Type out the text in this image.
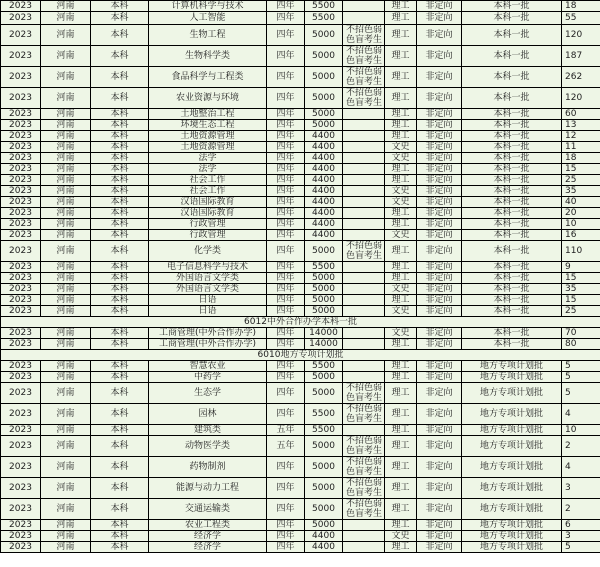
2023	河南	本科	计算机科学与技术	四年	5500		理工	非定向	本科一批	18
2023	河南	本科	人工智能	四年	5500		理工	非定向	本科一批	55
2023	河南	本科	生物工程	四年	5000	不招色弱色盲考生	理工	非定向	本科一批	120
2023	河南	本科	生物科学类	四年	5000	不招色弱色盲考生	理工	非定向	本科一批	187
2023	河南	本科	食品科学与工程类	四年	5000	不招色弱色盲考生	理工	非定向	本科一批	262
2023	河南	本科	农业资源与环境	四年	5000	不招色弱色盲考生	理工	非定向	本科一批	120
2023	河南	本科	土地整治工程	四年	5000		理工	非定向	本科一批	60
2023	河南	本科	环境生态工程	四年	5000		理工	非定向	本科一批	13
2023	河南	本科	土地资源管理	四年	4400		理工	非定向	本科一批	12
2023	河南	本科	土地资源管理	四年	4400		文史	非定向	本科一批	11
2023	河南	本科	法学	四年	4400		文史	非定向	本科一批	18
2023	河南	本科	法学	四年	4400		理工	非定向	本科一批	15
2023	河南	本科	社会工作	四年	4400		理工	非定向	本科一批	25
2023	河南	本科	社会工作	四年	4400		文史	非定向	本科一批	35
2023	河南	本科	汉语国际教育	四年	4400		文史	非定向	本科一批	40
2023	河南	本科	汉语国际教育	四年	4400		理工	非定向	本科一批	20
2023	河南	本科	行政管理	四年	4400		理工	非定向	本科一批	10
2023	河南	本科	行政管理	四年	4400		文史	非定向	本科一批	16
2023	河南	本科	化学类	四年	5000	不招色弱色盲考生	理工	非定向	本科一批	110
2023	河南	本科	电子信息科学与技术	四年	5500		理工	非定向	本科一批	9
2023	河南	本科	外国语言文学类	四年	5000		理工	非定向	本科一批	15
2023	河南	本科	外国语言文学类	四年	5000		文史	非定向	本科一批	35
2023	河南	本科	日语	四年	5000		理工	非定向	本科一批	15
2023	河南	本科	日语	四年	5000		文史	非定向	本科一批	25
6012中外合作办学本科一批										
2023	河南	本科	工商管理(中外合作办学)	四年	14000		文史	非定向	本科一批	70
2023	河南	本科	工商管理(中外合作办学)	四年	14000		理工	非定向	本科一批	80
6010地方专项计划批										
2023	河南	本科	智慧农业	四年	5500		理工	非定向	地方专项计划批	5
2023	河南	本科	中药学	四年	5000		理工	非定向	地方专项计划批	5
2023	河南	本科	生态学	四年	5000	不招色弱色盲考生	理工	非定向	地方专项计划批	5
2023	河南	本科	园林	四年	5500	不招色弱色盲考生	理工	非定向	地方专项计划批	4
2023	河南	本科	建筑类	五年	5500		理工	非定向	地方专项计划批	10
2023	河南	本科	动物医学类	五年	5000	不招色弱色盲考生	理工	非定向	地方专项计划批	2
2023	河南	本科	药物制剂	四年	5000	不招色弱色盲考生	理工	非定向	地方专项计划批	4
2023	河南	本科	能源与动力工程	四年	5000	不招色弱色盲考生	理工	非定向	地方专项计划批	3
2023	河南	本科	交通运输类	四年	5000	不招色弱色盲考生	理工	非定向	地方专项计划批	2
2023	河南	本科	农业工程类	四年	5000		理工	非定向	地方专项计划批	6
2023	河南	本科	经济学	四年	4400		文史	非定向	地方专项计划批	3
2023	河南	本科	经济学	四年	4400		理工	非定向	地方专项计划批	5
